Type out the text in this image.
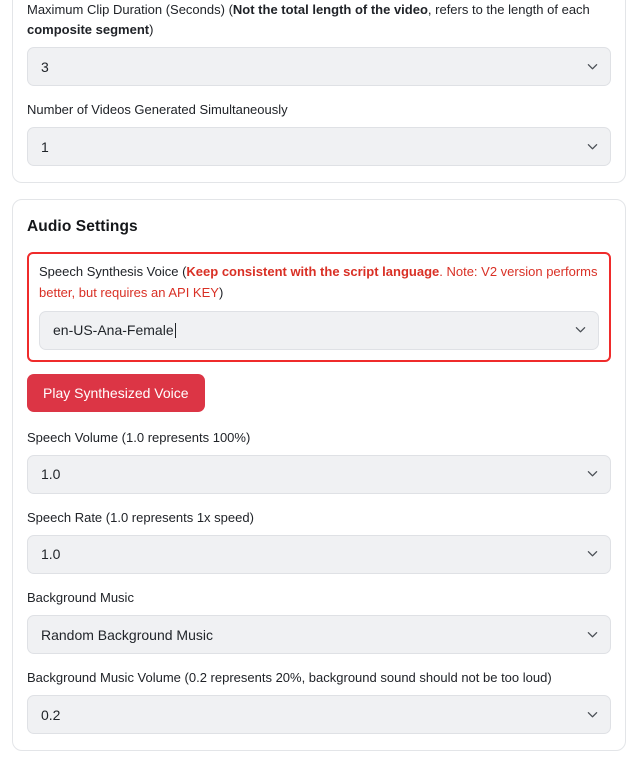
Maximum Clip Duration (Seconds) (Not the total length of the video, refers to the length of each composite segment)
3
Number of Videos Generated Simultaneously
1
Audio Settings
Speech Synthesis Voice (Keep consistent with the script language. Note: V2 version performs better, but requires an API KEY)
en-US-Ana-Female
Play Synthesized Voice
Speech Volume (1.0 represents 100%)
1.0
Speech Rate (1.0 represents 1x speed)
1.0
Background Music
Random Background Music
Background Music Volume (0.2 represents 20%, background sound should not be too loud)
0.2
